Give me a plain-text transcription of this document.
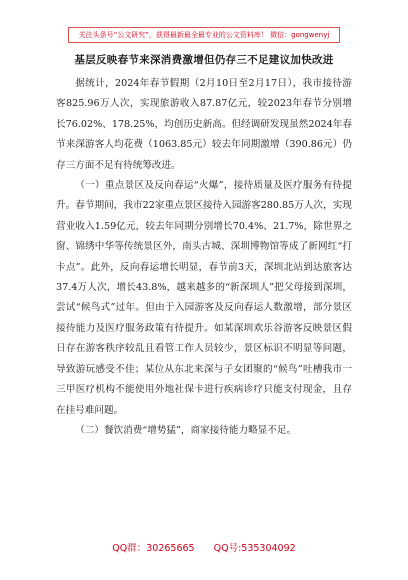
关注头条号“公文研究”，获得最新最全最专业的公文资料库！ 微信：gongwenyj
基层反映春节来深消费激增但仍存三不足建议加快改进

据统计，2024年春节假期（2月10日至2月17日），我市接待游客825.96万人次，实现旅游收入87.87亿元，较2023年春节分别增长76.02%、178.25%，均创历史新高。但经调研发现虽然2024年春节来深游客人均花费（1063.85元）较去年同期激增（390.86元）仍存三方面不足有待统筹改进。

（一）重点景区及反向春运“火爆”，接待质量及医疗服务有待提升。春节期间，我市22家重点景区接待入园游客280.85万人次，实现营业收入1.59亿元，较去年同期分别增长70.4%、21.7%，除世界之窗、锦绣中华等传统景区外，南头古城、深圳博物馆等成了新网红“打卡点”。此外，反向春运增长明显，春节前3天，深圳北站到达旅客达37.4万人次，增长43.8%，越来越多的“新深圳人”把父母接到深圳，尝试“候鸟式”过年。但由于入园游客及反向春运人数激增，部分景区接待能力及医疗服务政策有待提升。如某深圳欢乐谷游客反映景区假日存在游客秩序较乱且看管工作人员较少，景区标识不明显等问题，导致游玩感受不佳；某位从东北来深与子女团聚的“候鸟”吐槽我市一三甲医疗机构不能使用外地社保卡进行疾病诊疗只能支付现金，且存在挂号难问题。

（二）餐饮消费“增势猛”，商家接待能力略显不足。

QQ群：30265665 QQ号:535304092
